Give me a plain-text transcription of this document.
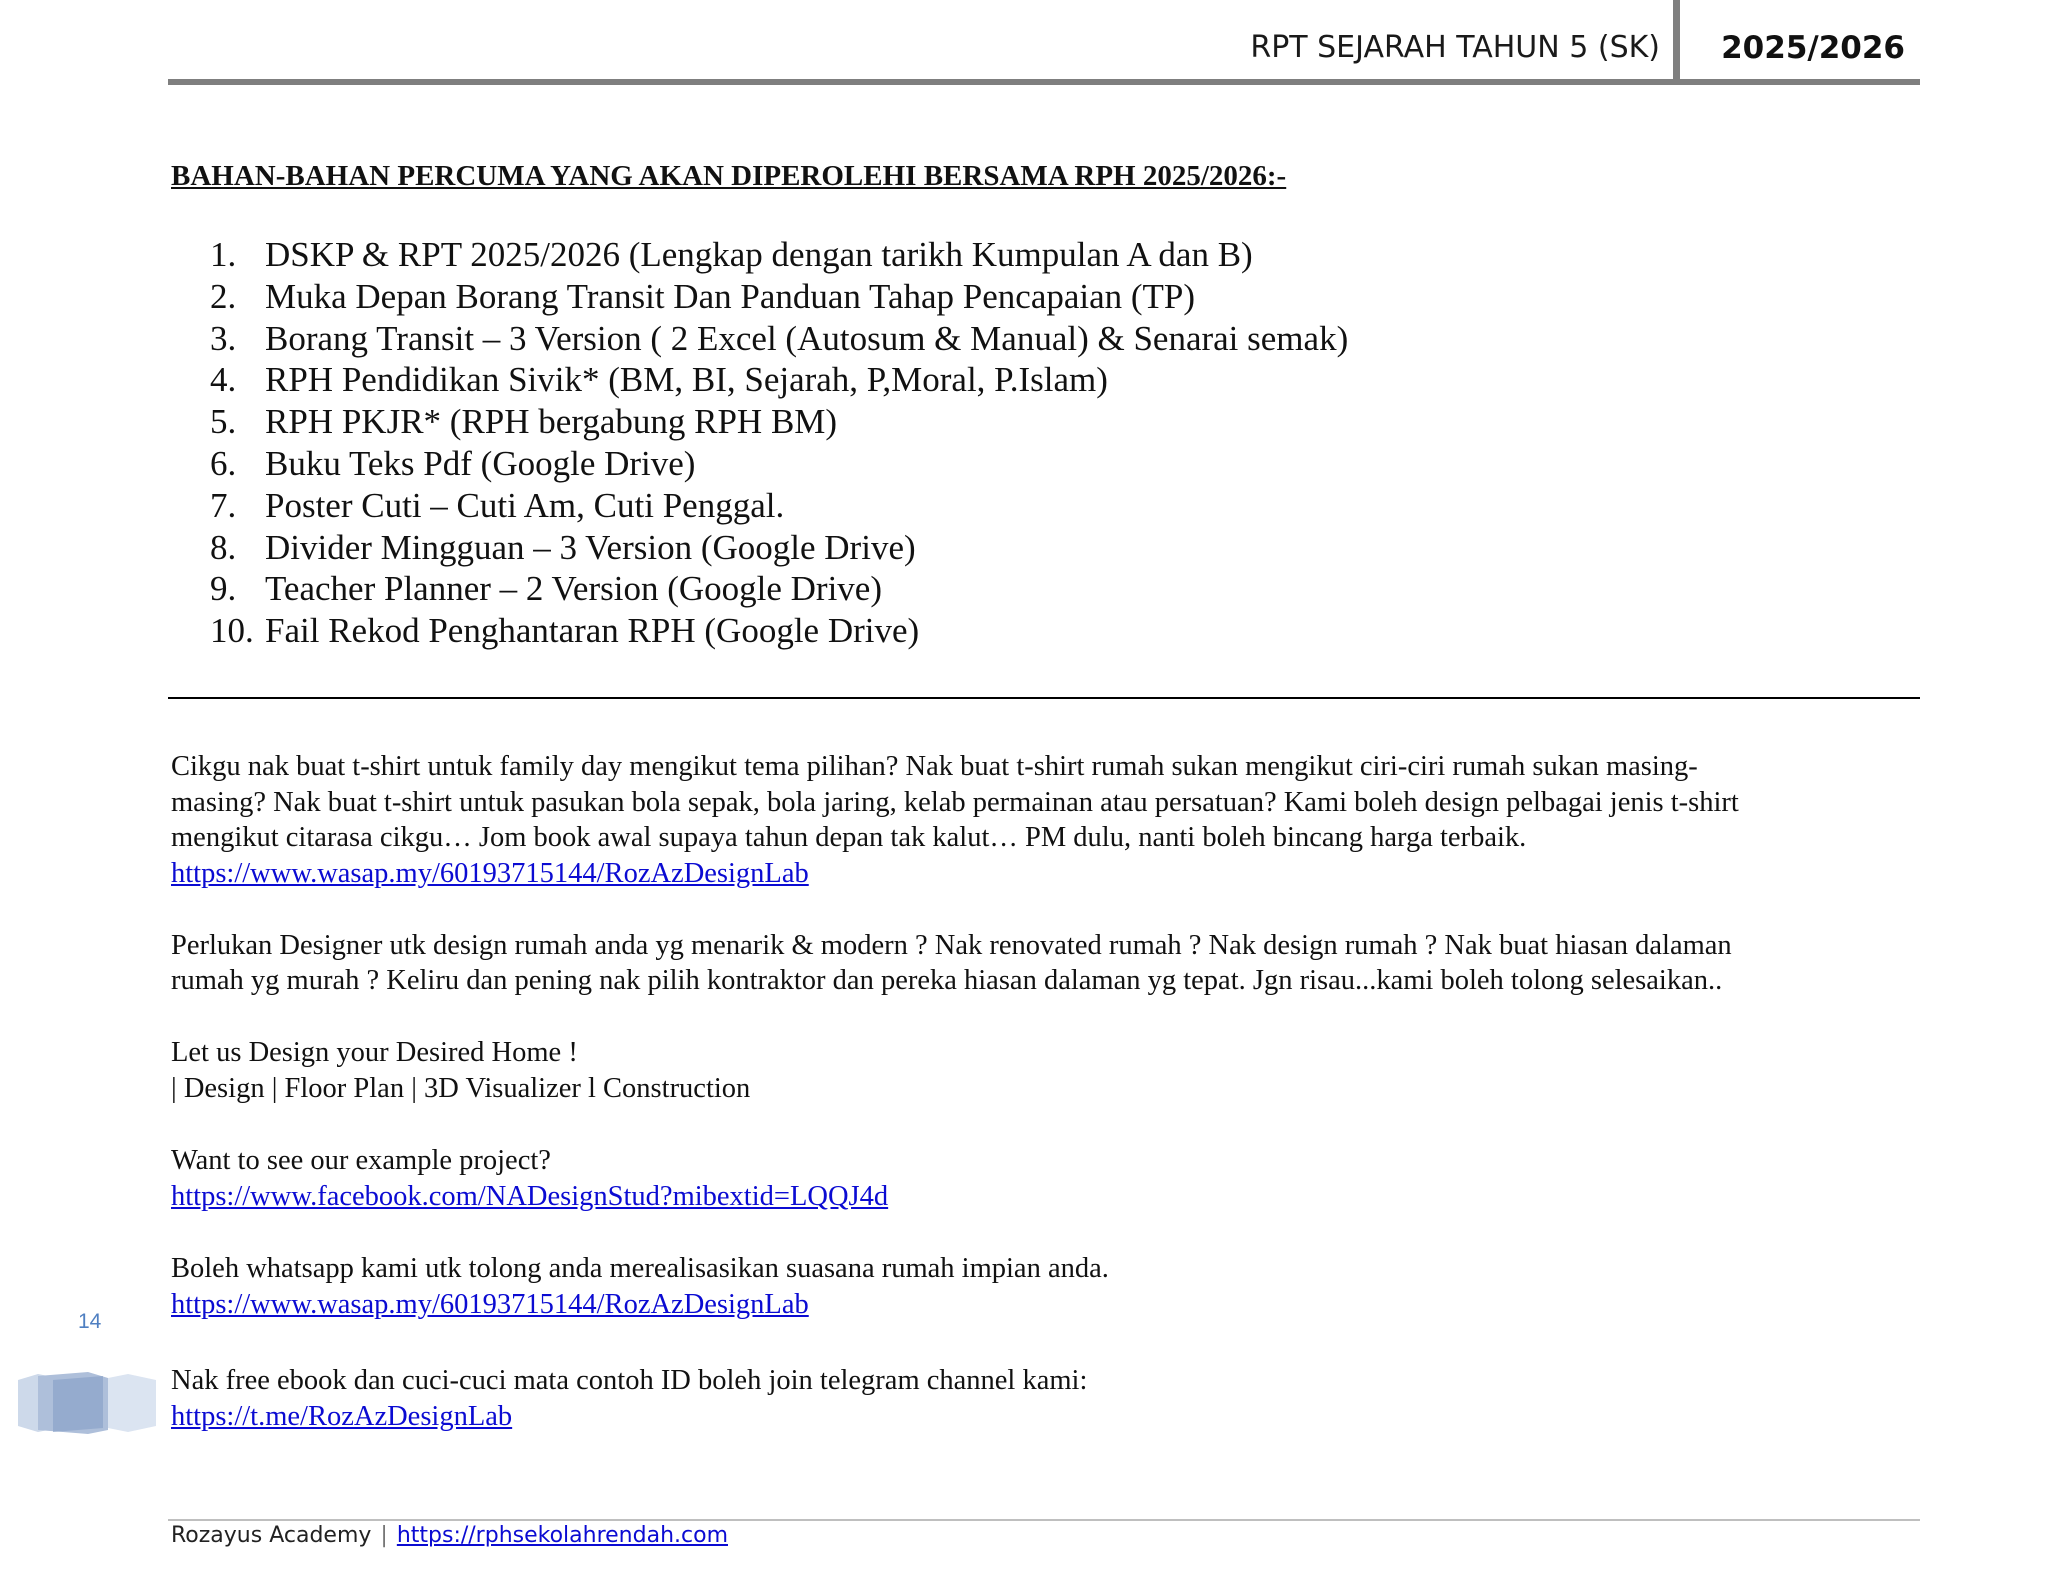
RPT SEJARAH TAHUN 5 (SK)	2025/2026
BAHAN-BAHAN PERCUMA YANG AKAN DIPEROLEHI BERSAMA RPH 2025/2026:-
1. DSKP & RPT 2025/2026 (Lengkap dengan tarikh Kumpulan A dan B)
2. Muka Depan Borang Transit Dan Panduan Tahap Pencapaian (TP)
3. Borang Transit – 3 Version ( 2 Excel (Autosum & Manual) & Senarai semak)
4. RPH Pendidikan Sivik* (BM, BI, Sejarah, P,Moral, P.Islam)
5. RPH PKJR* (RPH bergabung RPH BM)
6. Buku Teks Pdf (Google Drive)
7. Poster Cuti – Cuti Am, Cuti Penggal.
8. Divider Mingguan – 3 Version (Google Drive)
9. Teacher Planner – 2 Version (Google Drive)
10. Fail Rekod Penghantaran RPH (Google Drive)
Cikgu nak buat t-shirt untuk family day mengikut tema pilihan? Nak buat t-shirt rumah sukan mengikut ciri-ciri rumah sukan masing-
masing? Nak buat t-shirt untuk pasukan bola sepak, bola jaring, kelab permainan atau persatuan? Kami boleh design pelbagai jenis t-shirt
mengikut citarasa cikgu… Jom book awal supaya tahun depan tak kalut… PM dulu, nanti boleh bincang harga terbaik.
https://www.wasap.my/60193715144/RozAzDesignLab
Perlukan Designer utk design rumah anda yg menarik & modern ? Nak renovated rumah ? Nak design rumah ? Nak buat hiasan dalaman
rumah yg murah ? Keliru dan pening nak pilih kontraktor dan pereka hiasan dalaman yg tepat. Jgn risau...kami boleh tolong selesaikan..
Let us Design your Desired Home !
| Design | Floor Plan | 3D Visualizer l Construction
Want to see our example project?
https://www.facebook.com/NADesignStud?mibextid=LQQJ4d
Boleh whatsapp kami utk tolong anda merealisasikan suasana rumah impian anda.
https://www.wasap.my/60193715144/RozAzDesignLab
Nak free ebook dan cuci-cuci mata contoh ID boleh join telegram channel kami:
https://t.me/RozAzDesignLab
14
Rozayus Academy | https://rphsekolahrendah.com
